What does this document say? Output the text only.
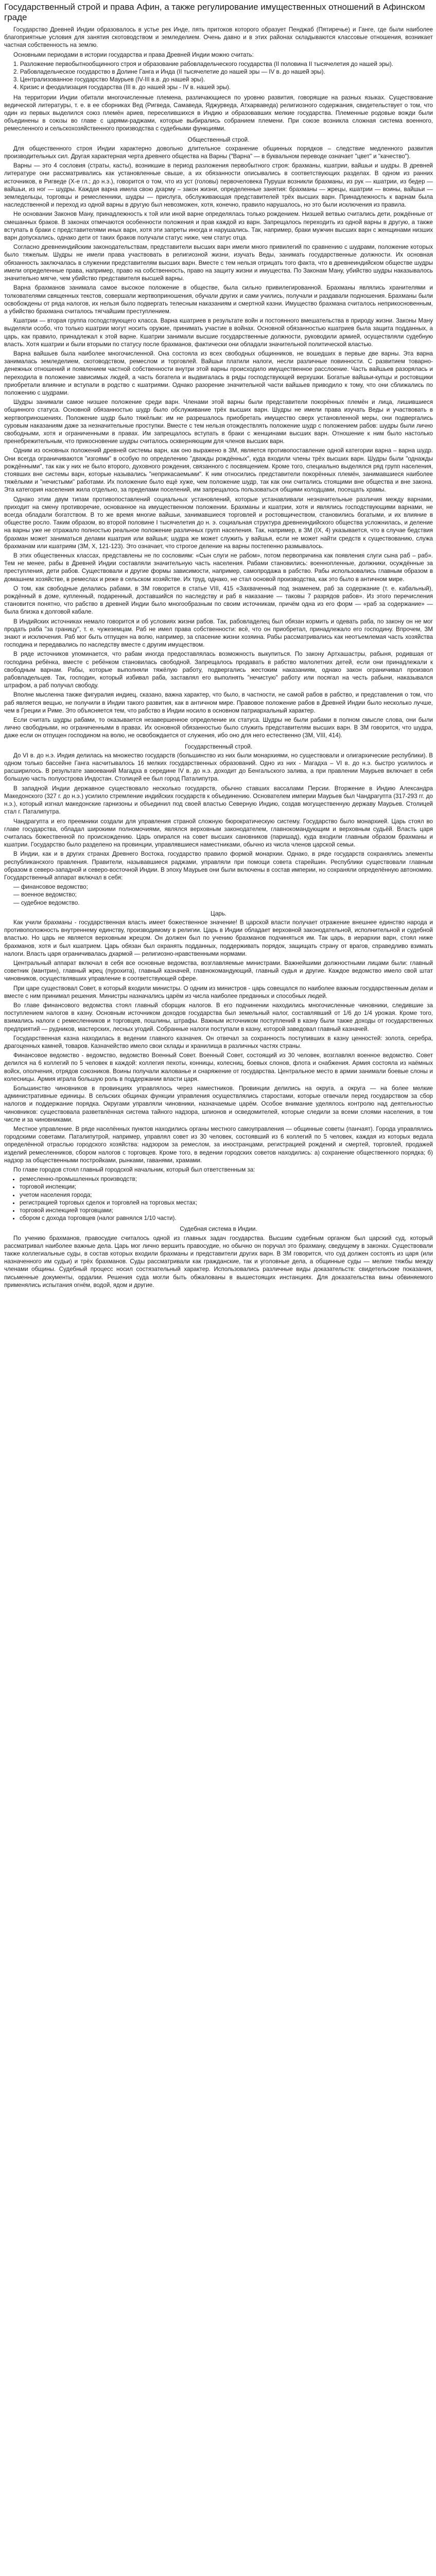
Государственный строй и права Афин, а также регулирование имущественных отношений в Афинском граде

Государство Древней Индии образовалось в устье рек Инде, пять притоков которого образует Пенджаб (Пятиречье) и Ганге, где были наиболее благоприятные условия для занятия скотоводством и земледелием. Очень давно и в этих районах складываются классовые отношения, возникает частная собственность на землю.

Основными периодами в истории государства и права Древней Индии можно считать:

1. Разложение первобытнообщинного строя и образование рабовладельческого государства (II половина II тысячелетия до нашей эры).
2. Рабовладельческое государство в Долине Ганга и Инда (II тысячелетие до нашей эры — IV в. до нашей эры).
3. Централизованное государство Маурьев (IV-III в.в. до нашей эры).
4. Кризис и феодализация государства (III в. до нашей эры - IV в. нашей эры).

На территории Индии обитали многочисленные племена, различающиеся по уровню развития, говорящие на разных языках. Существование ведической литературы, т. е. в ее сборниках Вед (Ригведа, Самаведа, Яджурведа, Атхарваведа) религиозного содержания, свидетельствует о том, что один из первых выделился союз племён ариев, переселившихся в Индию и образовавших мелкие государства. Племенные родовые вожди были объединены в союзы во главе с царями-раджами, которые выбирались собранием племени. При союзе возникла сложная система военного, ремесленного и сельскохозяйственного производства с судебными функциями.

Общественный строй.

Для общественного строя Индии характерно довольно длительное сохранение общинных порядков – следствие медленного развития производительных сил. Другая характерная черта древнего общества на Варны ("Варна" — в буквальном переводе означает "цвет" и "качество").

Варны — это 4 сословия (страты, касты), возникшие в период разложения первобытного строя: брахманы, кшатрии, вайшьи и шудры. В древней литературе они рассматривались как установленные свыше, а их обязанности описывались в соответствующих разделах. В одном из ранних источников, в Ригведе (X-е гл.; до н.э.), говорится о том, что из уст (головы) первочеловека Пуруши возникли брахманы, из рук — кшатрии, из бедер — вайшьи, из ног — шудры. Каждая варна имела свою дхарму – закон жизни, определенные занятия: брахманы — жрецы, кшатрии — воины, вайшьи — земледельцы, торговцы и ремесленники, шудры — прислуга, обслуживающая представителей трёх высших варн. Принадлежность к варнам была наследственной и переход из одной варны в другую был невозможен, хотя, конечно, правило нарушалось, но это были исключения из правила.

Не основании Законов Ману, принадлежность к той или иной варне определялась только рождением. Низшей ветвью считались дети, рождённые от смешанных браков. В законах отмечаются особенности положения и прав каждой из варн. Запрещалось переходить из одной варны в другую, а также вступать в браки с представителями иных варн, хотя эти запреты иногда и нарушались. Так, например, браки мужчин высших варн с женщинами низших варн допускались, однако дети от таких браков получали статус ниже, чем статус отца.

Согласно древнеиндийским законодательствам, представители высших варн имели много привилегий по сравнению с шудрами, положение которых было тяжелым. Шудры не имели права участвовать в религиозной жизни, изучать Веды, занимать государственные должности. Их основная обязанность заключалась в служении представителям высших варн. Вместе с тем нельзя отрицать того факта, что в древнеиндийском обществе шудры имели определенные права, например, право на собственность, право на защиту жизни и имущества. По Законам Ману, убийство шудры наказывалось значительно мягче, чем убийство представителя высшей варны.

Варна брахманов занимала самое высокое положение в обществе, была сильно привилегированной. Брахманы являлись хранителями и толкователями священных текстов, совершали жертвоприношения, обучали других и сами учились, получали и раздавали подношения. Брахманы были освобождены от ряда налогов, их нельзя было подвергать телесным наказаниям и смертной казни. Имущество брахмана считалось неприкосновенным, а убийство брахмана считалось тягчайшим преступлением.

Кшатрии — вторая группа господствующего класса. Варна кшатриев в результате войн и постоянного вмешательства в природу жизни. Законы Ману выделяли особо, что только кшатрии могут носить оружие, принимать участие в войнах. Основной обязанностью кшатриев была защита подданных, а царь, как правило, принадлежал к этой варне. Кшатрии занимали высшие государственные должности, руководили армией, осуществляли судебную власть. Хотя кшатрии и были вторыми по статусу после брахманов, фактически они обладали значительной политической властью.

Варна вайшьев была наиболее многочисленной. Она состояла из всех свободных общинников, не вошедших в первые две варны. Эта варна занималась земледелием, скотоводством, ремеслом и торговлей. Вайшьи платили налоги, несли различные повинности. С развитием товарно-денежных отношений и появлением частной собственности внутри этой варны происходило имущественное расслоение. Часть вайшьев разорялась и переходила в положение зависимых людей, а часть богатела и выдвигалась в ряды господствующей верхушки. Богатые вайшьи-купцы и ростовщики приобретали влияние и вступали в родство с кшатриями. Однако разорение значительной части вайшьев приводило к тому, что они сближались по положению с шудрами.

Шудры занимали самое низшее положение среди варн. Членами этой варны были представители покорённых племён и лица, лишившиеся общинного статуса. Основной обязанностью шудр было обслуживание трёх высших варн. Шудры не имели права изучать Веды и участвовать в жертвоприношениях. Положение шудр было тяжёлым: им не разрешалось приобретать имущество сверх установленной меры, они подвергались суровым наказаниям даже за незначительные проступки. Вместе с тем нельзя отождествлять положение шудр с положением рабов: шудры были лично свободными, хотя и ограниченными в правах. Им запрещалось вступать в браки с женщинами высших варн. Отношение к ним было настолько пренебрежительным, что прикосновение шудры считалось оскверняющим для членов высших варн.

Одним из основных положений древней системы варн, как оно выражено в ЗМ, является противопоставление одной категории варна – варна шудр. Они всегда ограничиваются "изгоями" в особую по определению "дважды рождённых", куда входили члены трёх высших варн. Шудры были "однажды рождёнными", так как у них не было второго, духовного рождения, связанного с посвящением. Кроме того, специально выделялся ряд групп населения, стоявших вне системы варн, которые назывались "неприкасаемыми". К ним относились представители покорённых племён, занимавшиеся наиболее тяжёлыми и "нечистыми" работами. Их положение было ещё хуже, чем положение шудр, так как они считались стоящими вне общества и вне закона. Эта категория населения жила отдельно, за пределами поселений, им запрещалось пользоваться общими колодцами, посещать храмы.

Однако этим двум типам противопоставлений социальных установлений, которые устанавливали незначительные различия между варнами, приходит на смену противоречие, основанное на имущественном положении. Брахманы и кшатрии, хотя и являлись господствующими варнами, не всегда обладали богатством. В то же время многие вайшьи, занимавшиеся торговлей и ростовщичеством, становились богатыми, и их влияние в обществе росло. Таким образом, во второй половине I тысячелетия до н. э. социальная структура древнеиндийского общества усложнилась, и деление на варны уже не отражало полностью реальное положение различных групп населения. Так, например, в ЗМ (IX, 4) указывается, что в случае бедствия брахман может заниматься делами кшатрия или вайшья; шудра же может служить у вайшья, если не может найти средств к существованию, служа брахманам или кшатриям (ЗМ, X, 121-123). Это означает, что строгое деление на варны постепенно размывалось.

В этих общественных классах, представлены не по сословиям: «Сын слуги не рабом», потом первопричина как появления слуги сына раб – раб». Тем не менее, рабы в Древней Индии составляли значительную часть населения. Рабами становились: военнопленные, должники, осуждённые за преступления, дети рабов. Существовали и другие формы зависимости, например, самопродажа в рабство. Рабы использовались главным образом в домашнем хозяйстве, в ремеслах и реже в сельском хозяйстве. Их труд, однако, не стал основой производства, как это было в античном мире.

О том, как свободные делались рабами, в ЗМ говорится в статье VIII, 415 «Захваченный под знаменем, раб за содержание (т. е. кабальный), рождённый в доме, купленный, подаренный, доставшийся по наследству и раб в наказание — таковы 7 разрядов рабов». Из этого перечисления становится понятно, что рабство в древней Индии было многообразным по своим источникам, причём одна из его форм — «раб за содержание» — была близка к долговой кабале.

В Индийских источниках немало говорится и об условиях жизни рабов. Так, рабовладелец был обязан кормить и одевать раба, по закону он не мог продать раба "за границу", т. е. чужеземцам. Раб не имел права собственности: всё, что он приобретал, принадлежало его господину. Впрочем, ЗМ знают и исключения. Раб мог быть отпущен на волю, например, за спасение жизни хозяина. Рабы рассматривались как неотъемлемая часть хозяйства господина и передавались по наследству вместе с другим имуществом.

В ряде источников упоминается, что рабам иногда предоставлялась возможность выкупиться. По закону Артхашастры, рабыня, родившая от господина ребёнка, вместе с ребёнком становилась свободной. Запрещалось продавать в рабство малолетних детей, если они принадлежали к свободным варнам. Рабы, которые выполняли тяжёлую работу, подвергались жестоким наказаниям, однако закон ограничивал произвол рабовладельцев. Так, господин, который избивал раба, заставлял его выполнять "нечистую" работу или посягал на честь рабыни, наказывался штрафом, а раб получал свободу.

Вполне мысленна также фигуралия индиец, сказано, важна характер, что было, в частности, не самой рабов в рабство, и представления о том, что раб является вещью, не получили в Индии такого развития, как в античном мире. Правовое положение рабов в Древней Индии было несколько лучше, чем в Греции и Риме. Это объясняется тем, что рабство в Индии носило в основном патриархальный характер.

Если считать шудры рабами, то оказывается незавершенное определение их статуса. Шудры не были рабами в полном смысле слова, они были лично свободными, но ограниченными в правах. Их основной обязанностью было служить представителям высших варн. В ЗМ говорится, что шудра, даже если он отпущен господином на волю, не освобождается от служения, ибо оно для него естественно (ЗМ, VIII, 414).

Государственный строй.

До VI в. до н.э. Индия делилась на множество государств (большинство из них были монархиями, но существовали и олигархические республики). В одном только бассейне Ганга насчитывалось 16 мелких государственных образований. Одно из них - Магадха – VI в. до н.э. быстро усилилось и расширилось. В результате завоеваний Магадха в середине IV в. до н.э. доходит до Бенгальского залива, а при правлении Маурьев включает в себя большую часть полуострова Индостан. Столицей ее был город Паталипутра.

В западной Индии державное существовало несколько государств, обычно ставших вассалами Персии. Вторжение в Индию Александра Македонского (327 г. до н.э.) усилило стремление индийских государств к объединению. Основателем империи Маурьев был Чандрагупта (317-293 гг. до н.э.), который изгнал македонские гарнизоны и объединил под своей властью Северную Индию, создав могущественную державу Маурьев. Столицей стал г. Паталипутра.

Чандрагупта и его преемники создали для управления страной сложную бюрократическую систему. Государство было монархией. Царь стоял во главе государства, обладал широкими полномочиями, являлся верховным законодателем, главнокомандующим и верховным судьёй. Власть царя считалась божественной по происхождению. Царь опирался на совет высших сановников (паришад), куда входили главным образом брахманы и кшатрии. Государство было разделено на провинции, управлявшиеся наместниками, обычно из числа членов царской семьи.

В Индии, как и в других странах Древнего Востока, государство правило формой монархии. Однако, в ряде государств сохранялись элементы республиканского правления. Правители, называвшиеся раджами, управляли при помощи совета старейшин. Республики существовали главным образом в северо-западной и северо-восточной Индии. В эпоху Маурьев они были включены в состав империи, но сохраняли определённую автономию. Государственный аппарат включал в себя:

— финансовое ведомство;
— военное ведомство;
— судебное ведомство.
Царь.

Как учили брахманы - государственная власть имеет божественное значение! В царской власти получает отражение внешнее единство народа и противоположность внутреннему единству, производимому в религии. Царь в Индии обладает верховной законодательной, исполнительной и судебной властью. Но царь не является верховным жрецом. Он должен был по учению брахманов подчиняться им. Так царь, в иерархии варн, стоял ниже брахманов, хотя и был кшатрием. Царь обязан был охранять подданных, поддерживать порядок, защищать страну от врагов, справедливо взимать налоги. Власть царя ограничивалась дхармой — религиозно-нравственными нормами.

Центральный аппарат включал в себя все основные ведомства, возглавляемые министрами. Важнейшими должностными лицами были: главный советник (мантрин), главный жрец (пурохита), главный казначей, главнокомандующий, главный судья и другие. Каждое ведомство имело свой штат чиновников, осуществлявших управление в соответствующей сфере.

При царе существовал Совет, в который входили министры. О одним из министров - царь совещался по наиболее важным государственным делам и вместе с ним принимал решения. Министры назначались царём из числа наиболее преданных и способных людей.

Во главе финансового ведомства стоял главный сборщик налогов. В его подчинении находились многочисленные чиновники, следившие за поступлением налогов в казну. Основным источником доходов государства был земельный налог, составлявший от 1/6 до 1/4 урожая. Кроме того, взимались налоги с ремесленников и торговцев, пошлины, штрафы. Важным источником поступлений в казну были также доходы от государственных предприятий — рудников, мастерских, лесных угодий. Собранные налоги поступали в казну, которой заведовал главный казначей.

Государственная казна находилась в ведении главного казначея. Он отвечал за сохранность поступивших в казну ценностей: золота, серебра, драгоценных камней, товаров. Казначейство имело свои склады и хранилища в различных частях страны.

Финансовое ведомство - ведомство, ведомство Военный Совет. Военный Совет, состоящий из 30 человек, возглавлял военное ведомство. Совет делился на 6 коллегий по 5 человек в каждой: коллегия пехоты, конницы, колесниц, боевых слонов, флота и снабжения. Армия состояла из наёмных войск, ополчения, отрядов союзников. Воины получали жалованье и снаряжение от государства. Центральное место в армии занимали боевые слоны и колесницы. Армия играла большую роль в поддержании власти царя.

Большинство чиновников в провинциях управлялось через наместников. Провинции делились на округа, а округа — на более мелкие административные единицы. В сельских общинах функции управления осуществлялись старостами, которые отвечали перед государством за сбор налогов и поддержание порядка. Округами управляли чиновники, назначаемые царём. Особое внимание уделялось контролю над деятельностью чиновников: существовала разветвлённая система тайного надзора, шпионов и осведомителей, которые следили за всеми слоями населения, в том числе и за чиновниками.

Местное управление. В ряде населённых пунктов находились органы местного самоуправления — общинные советы (панчаят). Города управлялись городскими советами. Паталипутрой, например, управлял совет из 30 человек, состоявший из 6 коллегий по 5 человек, каждая из которых ведала определённой отраслью городского хозяйства: надзором за ремеслом, за иностранцами, регистрацией рождений и смертей, торговлей, продажей изделий ремесленников, сбором налогов с торговцев. Кроме того, в ведении городских советов находились: а) сохранение общественного порядка; б) надзор за общественными постройками, рынками, гаванями, храмами.

По главе городов стоял главный городской начальник, который был ответственным за:

• ремесленно-промышленных производств;
• торговой инспекции;
• учетом населения города;
• регистрацией торговых сделок и торговлей на торговых местах;
• торговой инспекцией торговцами;
• сбором с дохода торговцев (налог равнялся 1/10 части).
Судебная система в Индии.

По учению брахманов, правосудие считалось одной из главных задач государства. Высшим судебным органом был царский суд, который рассматривал наиболее важные дела. Царь мог лично вершить правосудие, но обычно он поручал это брахману, сведущему в законах. Существовали также коллегиальные суды, в состав которых входили брахманы и представители других варн. В ЗМ говорится, что суд должен состоять из царя (или назначенного им судьи) и трёх брахманов. Суды рассматривали как гражданские, так и уголовные дела, а общинные суды — мелкие тяжбы между членами общины. Судебный процесс носил состязательный характер. Использовались различные виды доказательств: свидетельские показания, письменные документы, ордалии. Решения суда могли быть обжалованы в вышестоящих инстанциях. Для доказательства вины обвиняемого применялись испытания огнём, водой, ядом и другие.
